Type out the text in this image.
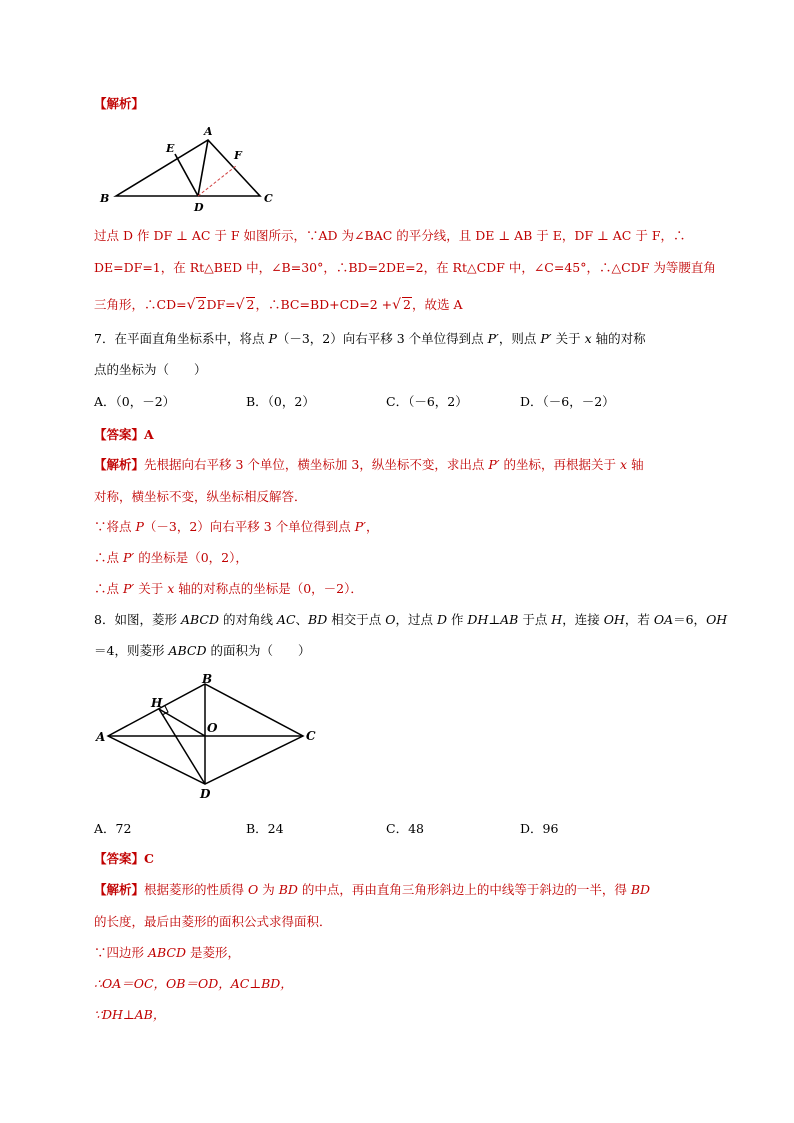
【解析】
A
B	C
D
E
F
过点 D 作 DF ⊥ AC 于 F 如图所示，∵AD 为∠BAC 的平分线，且 DE ⊥ AB 于 E，DF ⊥ AC 于 F，∴
DE=DF=1，在 Rt△BED 中，∠B=30°，∴BD=2DE=2，在 Rt△CDF 中，∠C=45°，∴△CDF 为等腰直角
三角形，∴CD=√ 2DF=√ 2，∴BC=BD+CD=2 +√ 2，故选 A
7．在平面直角坐标系中，将点 P（－3，2）向右平移 3 个单位得到点 P′，则点 P′ 关于 x 轴的对称
点的坐标为（　　）
A．（0，－2）	B．（0，2）	C．（－6，2）	D．（－6，－2）
【答案】A
【解析】先根据向右平移 3 个单位，横坐标加 3，纵坐标不变，求出点 P′ 的坐标，再根据关于 x 轴
对称，横坐标不变，纵坐标相反解答．
∵将点 P（－3，2）向右平移 3 个单位得到点 P′，
∴点 P′ 的坐标是（0，2），
∴点 P′ 关于 x 轴的对称点的坐标是（0，－2）．
8．如图，菱形 ABCD 的对角线 AC、BD 相交于点 O，过点 D 作 DH⊥AB 于点 H，连接 OH，若 OA＝6，OH
＝4，则菱形 ABCD 的面积为（　　）
B
A	C
D
H
O
A．72	B．24	C．48	D．96
【答案】C
【解析】根据菱形的性质得 O 为 BD 的中点，再由直角三角形斜边上的中线等于斜边的一半，得 BD
的长度，最后由菱形的面积公式求得面积．
∵四边形 ABCD 是菱形，
∴OA＝OC，OB＝OD，AC⊥BD，
∵DH⊥AB，
